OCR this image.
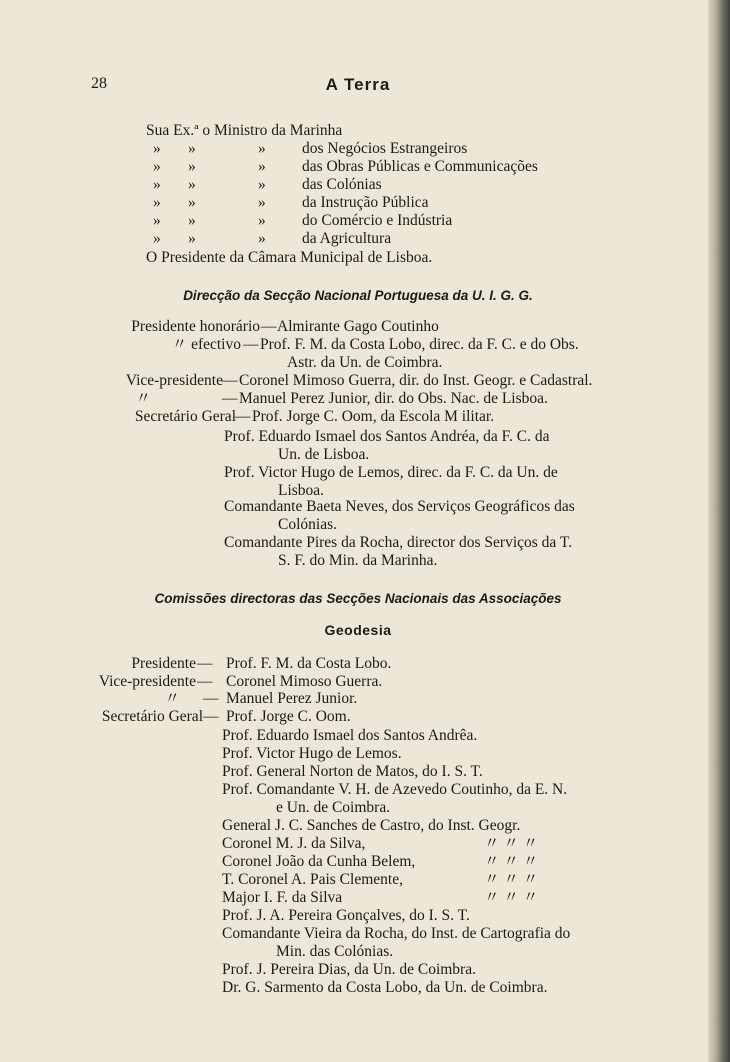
28	A Terra
Sua Ex.ª o Ministro da Marinha
» »	» dos Negócios Estrangeiros
» »	» das Obras Públicas e Communicações
» »	» das Colónias
» »	» da Instrução Pública
» »	» do Comércio e Indústria
» »	» da Agricultura
O Presidente da Câmara Municipal de Lisboa.
Direcção da Secção Nacional Portuguesa da U. I. G. G.
Presidente honorário — Almirante Gago Coutinho
〃 efectivo — Prof. F. M. da Costa Lobo, direc. da F. C. e do Obs.
Astr. da Un. de Coimbra.
Vice-presidente — Coronel Mimoso Guerra, dir. do Inst. Geogr. e Cadastral.
〃	— Manuel Perez Junior, dir. do Obs. Nac. de Lisboa.
Secretário Geral — Prof. Jorge C. Oom, da Escola M ilitar.
Prof. Eduardo Ismael dos Santos Andréa, da F. C. da
Un. de Lisboa.
Prof. Victor Hugo de Lemos, direc. da F. C. da Un. de
Lisboa.
Comandante Baeta Neves, dos Serviços Geográficos das
Colónias.
Comandante Pires da Rocha, director dos Serviços da T.
S. F. do Min. da Marinha.
Comissões directoras das Secções Nacionais das Associações
Geodesia
Presidente — Prof. F. M. da Costa Lobo.
Vice-presidente — Coronel Mimoso Guerra.
〃 — Manuel Perez Junior.
Secretário Geral — Prof. Jorge C. Oom.
Prof. Eduardo Ismael dos Santos Andrêa.
Prof. Victor Hugo de Lemos.
Prof. General Norton de Matos, do I. S. T.
Prof. Comandante V. H. de Azevedo Coutinho, da E. N.
e Un. de Coimbra.
General J. C. Sanches de Castro, do Inst. Geogr.
Coronel M. J. da Silva,	〃 〃 〃
Coronel João da Cunha Belem,	〃 〃 〃
T. Coronel A. Pais Clemente,	〃 〃 〃
Major I. F. da Silva	〃 〃 〃
Prof. J. A. Pereira Gonçalves, do I. S. T.
Comandante Vieira da Rocha, do Inst. de Cartografia do
Min. das Colónias.
Prof. J. Pereira Dias, da Un. de Coimbra.
Dr. G. Sarmento da Costa Lobo, da Un. de Coimbra.
